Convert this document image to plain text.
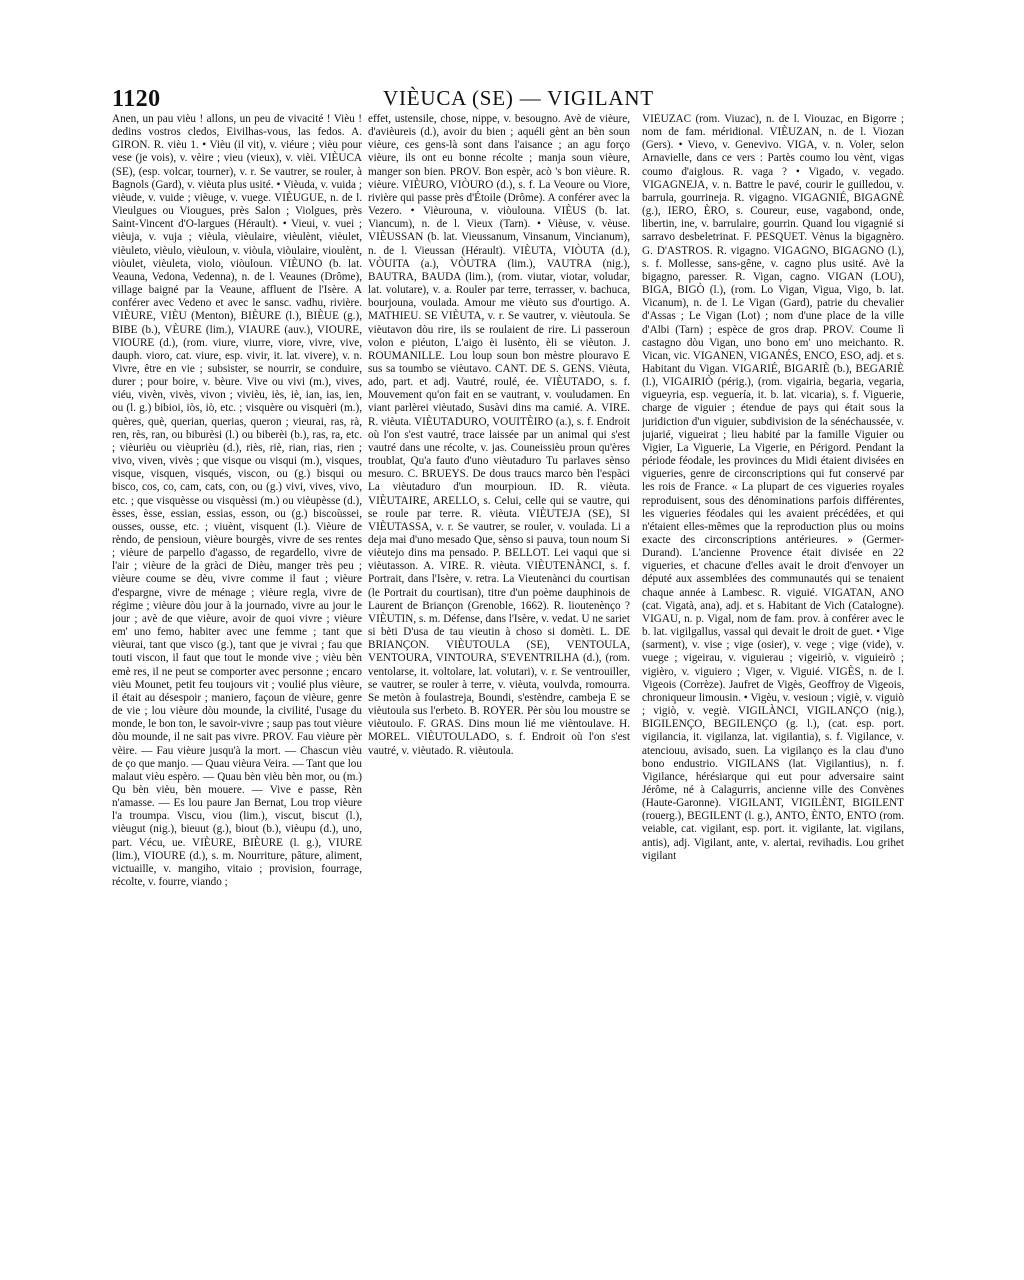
1120	VIÈUCA (SE) — VIGILANT

Anen, un pau vièu ! allons, un peu de vivacité ! Vièu ! dedins vostros cledos, Eivilhas-vous, las fedos. A. GIRON. R. vièu 1. • Vièu (il vit), v. viéure ; vièu pour vese (je vois), v. vèire ; vieu (vieux), v. vièi. VIÈUCA (SE), (esp. volcar, tourner), v. r. Se vautrer, se rouler, à Bagnols (Gard), v. vièuta plus usité. • Vièuda, v. vuida ; vièude, v. vuide ; vièuge, v. vuege. VIÈUGUE, n. de l. Vieulgues ou Viougues, près Salon ; Violgues, près Saint-Vincent d'O-largues (Hérault). • Vieui, v. vuei ; vièuja, v. vuja ; vièula, vièulaire, vièulènt, vièulet, vièuleto, vièulo, vièuloun, v. viòula, viòulaire, vioulènt, viòulet, vièuleta, violo, viòuloun. VIÈUNO (b. lat. Veauna, Vedona, Vedenna), n. de l. Veaunes (Drôme), village baigné par la Veaune, affluent de l'Isère. A conférer avec Vedeno et avec le sansc. vadhu, rivière. VIÈURE, VIÈU (Menton), BIÈURE (l.), BIÈUE (g.), BIBE (b.), VÈURE (lim.), VIAURE (auv.), VIOURE, VIOURE (d.), (rom. viure, viurre, viore, vivre, vive, dauph. vioro, cat. viure, esp. vivir, it. lat. vivere), v. n. Vivre, être en vie ; subsister, se nourrir, se conduire, durer ; pour boire, v. bèure. Vive ou vivi (m.), vives, viéu, vivèn, vivès, vivon ; vivièu, iès, iè, ian, ias, ien, ou (l. g.) bibioi, iòs, iò, etc. ; visquère ou visquèri (m.), quères, què, querian, querias, queron ; vieurai, ras, rà, ren, rès, ran, ou biburèsi (l.) ou biberèi (b.), ras, ra, etc. ; vièurièu ou vièuprièu (d.), riès, riè, rian, rias, rien ; vivo, viven, vivès ; que visque ou visqui (m.), visques, visque, visquen, visqués, viscon, ou (g.) bisqui ou bisco, cos, co, cam, cats, con, ou (g.) vivi, vives, vivo, etc. ; que visquèsse ou visquèssi (m.) ou vièupèsse (d.), èsses, èsse, essian, essias, esson, ou (g.) biscoùssei, ousses, ousse, etc. ; viuènt, visquent (l.). Vièure de rèndo, de pensioun, vièure bourgès, vivre de ses rentes ; vièure de parpello d'agasso, de regardello, vivre de l'air ; vièure de la gràci de Dièu, manger très peu ; vièure coume se dèu, vivre comme il faut ; vièure d'espargne, vivre de ménage ; vièure regla, vivre de régime ; vièure dòu jour à la journado, vivre au jour le jour ; avè de que vièure, avoir de quoi vivre ; vièure em' uno femo, habiter avec une femme ; tant que vièurai, tant que visco (g.), tant que je vivrai ; fau que touti viscon, il faut que tout le monde vive ; vièu bèn emè res, il ne peut se comporter avec personne ; encaro vièu Mounet, petit feu toujours vit ; voulié plus vièure, il était au désespoir ; maniero, façoun de vièure, genre de vie ; lou vièure dòu mounde, la civilité, l'usage du monde, le bon ton, le savoir-vivre ; saup pas tout vièure dòu mounde, il ne sait pas vivre. PROV. Fau vièure pèr vèire. — Fau vièure jusqu'à la mort. — Chascun vièu de ço que manjo. — Quau vièura Veira. — Tant que lou malaut vièu espèro. — Quau bèn vièu bèn mor, ou (m.) Qu bèn vièu, bèn mouere. — Vive e passe, Rèn n'amasse. — Es lou paure Jan Bernat, Lou trop vièure l'a troumpa. Viscu, viou (lim.), viscut, biscut (l.), vièugut (nig.), bieuut (g.), biout (b.), vièupu (d.), uno, part. Vécu, ue. VIÈURE, BIÈURE (l. g.), VIURE (lim.), VIOURE (d.), s. m. Nourriture, pâture, aliment, victuaille, v. mangiho, vitaio ; provision, fourrage, récolte, v. fourre, viando ;

effet, ustensile, chose, nippe, v. besougno. Avè de vièure, d'avièureis (d.), avoir du bien ; aquéli gènt an bèn soun vièure, ces gens-là sont dans l'aisance ; an agu forço vièure, ils ont eu bonne récolte ; manja soun vièure, manger son bien. PROV. Bon espèr, acò 's bon vièure. R. vièure. VIÈURO, VIÒURO (d.), s. f. La Veoure ou Viore, rivière qui passe près d'Étoile (Drôme). A conférer avec la Vezero. • Vièurouna, v. viòulouna. VIÈUS (b. lat. Viancum), n. de l. Vieux (Tarn). • Vièuse, v. vèuse. VIÈUSSAN (b. lat. Vieussanum, Vinsanum, Vincianum), n. de l. Vieussan (Hérault). VIÈUTA, VIÒUTA (d.), VÒUITA (a.), VÒUTRA (lim.), VAUTRA (nig.), BAUTRA, BAUDA (lim.), (rom. viutar, viotar, voludar, lat. volutare), v. a. Rouler par terre, terrasser, v. bachuca, bourjouna, voulada. Amour me vièuto sus d'ourtigo. A. MATHIEU. SE VIÈUTA, v. r. Se vautrer, v. vièutoula. Se vièutavon dòu rire, ils se roulaient de rire. Li passeroun volon e piéuton, L'aigo èi lusènto, èli se vièuton. J. ROUMANILLE. Lou loup soun bon mèstre plouravo E sus sa toumbo se vièutavo. CANT. DE S. GENS. Vièuta, ado, part. et adj. Vautré, roulé, ée. VIÈUTADO, s. f. Mouvement qu'on fait en se vautrant, v. vouludamen. En viant parlèrei vièutado, Susàvi dins ma camié. A. VIRE. R. vièuta. VIÈUTADURO, VOUITÈIRO (a.), s. f. Endroit où l'on s'est vautré, trace laissée par un animal qui s'est vautré dans une récolte, v. jas. Couneissièu proun qu'ères troublat, Qu'a fauto d'uno vièutaduro Tu parlaves sènso mesuro. C. BRUEYS. De dous traucs marco bèn l'espàci La vièutaduro d'un mourpioun. ID. R. vièuta. VIÈUTAIRE, ARELLO, s. Celui, celle qui se vautre, qui se roule par terre. R. vièuta. VIÈUTEJA (SE), SI VIÈUTASSA, v. r. Se vautrer, se rouler, v. voulada. Li a deja mai d'uno mesado Que, sènso si pauva, toun noum Si vièutejo dins ma pensado. P. BELLOT. Lei vaqui que si vièutasson. A. VIRE. R. vièuta. VIÈUTENÀNCI, s. f. Portrait, dans l'Isère, v. retra. La Vieutenànci du courtisan (le Portrait du courtisan), titre d'un poème dauphinois de Laurent de Briançon (Grenoble, 1662). R. lioutenènço ? VIÈUTIN, s. m. Défense, dans l'Isère, v. vedat. U ne sariet si bèti D'usa de tau vieutin à choso si domèti. L. DE BRIANÇON. VIÈUTOULA (SE), VENTOULA, VENTOURA, VINTOURA, S'EVENTRILHA (d.), (rom. ventolarse, it. voltolare, lat. volutari), v. r. Se ventrouiller, se vautrer, se rouler à terre, v. vièuta, voulvda, romourra. Se metòn à foulastreja, Boundi, s'estèndre, cambeja E se vièutoula sus l'erbeto. B. ROYER. Pèr sòu lou moustre se vièutoulo. F. GRAS. Dins moun lié me vièntoulave. H. MOREL. VIÈUTOULADO, s. f. Endroit où l'on s'est vautré, v. vièutado. R. vièutoula.

VIÈUZAC (rom. Viuzac), n. de l. Viouzac, en Bigorre ; nom de fam. méridional. VIÈUZAN, n. de l. Viozan (Gers). • Vievo, v. Genevivo. VIGA, v. n. Voler, selon Arnavielle, dans ce vers : Partès coumo lou vènt, vigas coumo d'aiglous. R. vaga ? • Vigado, v. vegado. VIGAGNEJA, v. n. Battre le pavé, courir le guilledou, v. barrula, gourrineja. R. vigagno. VIGAGNIÉ, BIGAGNÈ (g.), IERO, ÈRO, s. Coureur, euse, vagabond, onde, libertin, ine, v. barrulaire, gourrin. Quand lou vigagnié si sarravo desbeletrinat. F. PESQUET. Vènus la bigagnèro. G. D'ASTROS. R. vigagno. VIGAGNO, BIGAGNO (l.), s. f. Mollesse, sans-gêne, v. cagno plus usité. Avè la bigagno, paresser. R. Vigan, cagno. VIGAN (LOU), BIGA, BIGÒ (l.), (rom. Lo Vigan, Vigua, Vigo, b. lat. Vicanum), n. de l. Le Vigan (Gard), patrie du chevalier d'Assas ; Le Vigan (Lot) ; nom d'une place de la ville d'Albi (Tarn) ; espèce de gros drap. PROV. Coume lì castagno dòu Vigan, uno bono em' uno meichanto. R. Vican, vic. VIGANEN, VIGANÉS, ENCO, ESO, adj. et s. Habitant du Vigan. VIGARIÉ, BIGARIÈ (b.), BEGARIÈ (l.), VIGAIRIÒ (périg.), (rom. vigairia, begaria, vegaria, vigueyria, esp. veguería, it. b. lat. vicaria), s. f. Viguerie, charge de viguier ; étendue de pays qui était sous la juridiction d'un viguier, subdivision de la sénéchaussée, v. jujarié, vigueirat ; lieu habité par la famille Viguier ou Vigier, La Viguerie, La Vigerie, en Périgord. Pendant la période féodale, les provinces du Midi étaient divisées en vigueries, genre de circonscriptions qui fut conservé par les rois de France. « La plupart de ces vigueries royales reproduisent, sous des dénominations parfois différentes, les vigueries féodales qui les avaient précédées, et qui n'étaient elles-mêmes que la reproduction plus ou moins exacte des circonscriptions antérieures. » (Germer-Durand). L'ancienne Provence était divisée en 22 vigueries, et chacune d'elles avait le droit d'envoyer un député aux assemblées des communautés qui se tenaient chaque année à Lambesc. R. viguié. VIGATAN, ANO (cat. Vigatà, ana), adj. et s. Habitant de Vich (Catalogne). VIGAU, n. p. Vigal, nom de fam. prov. à conférer avec le b. lat. vigilgallus, vassal qui devait le droit de guet. • Vige (sarment), v. vise ; vige (osier), v. vege ; vige (vide), v. vuege ; vigeirau, v. viguierau ; vigeiriò, v. viguieirò ; vigièro, v. viguiero ; Viger, v. Viguié. VIGÈS, n. de l. Vigeois (Corrèze). Jaufret de Vigès, Geoffroy de Vigeois, chroniqueur limousin. • Vigèu, v. vesioun ; vigiè, v. viguiò ; vigiò, v. vegiè. VIGILÀNCI, VIGILANÇO (nig.), BIGILENÇO, BEGILENÇO (g. l.), (cat. esp. port. vigilancia, it. vigilanza, lat. vigilantia), s. f. Vigilance, v. atenciouu, avisado, suen. La vigilanço es la clau d'uno bono endustrio. VIGILANS (lat. Vigilantius), n. f. Vigilance, hérésiarque qui eut pour adversaire saint Jérôme, né à Calagurris, ancienne ville des Convènes (Haute-Garonne). VIGILANT, VIGILÈNT, BIGILENT (rouerg.), BEGILENT (l. g.), ANTO, ÈNTO, ENTO (rom. veiable, cat. vigilant, esp. port. it. vigilante, lat. vigilans, antis), adj. Vigilant, ante, v. alertai, revihadis. Lou grihet vigilant
